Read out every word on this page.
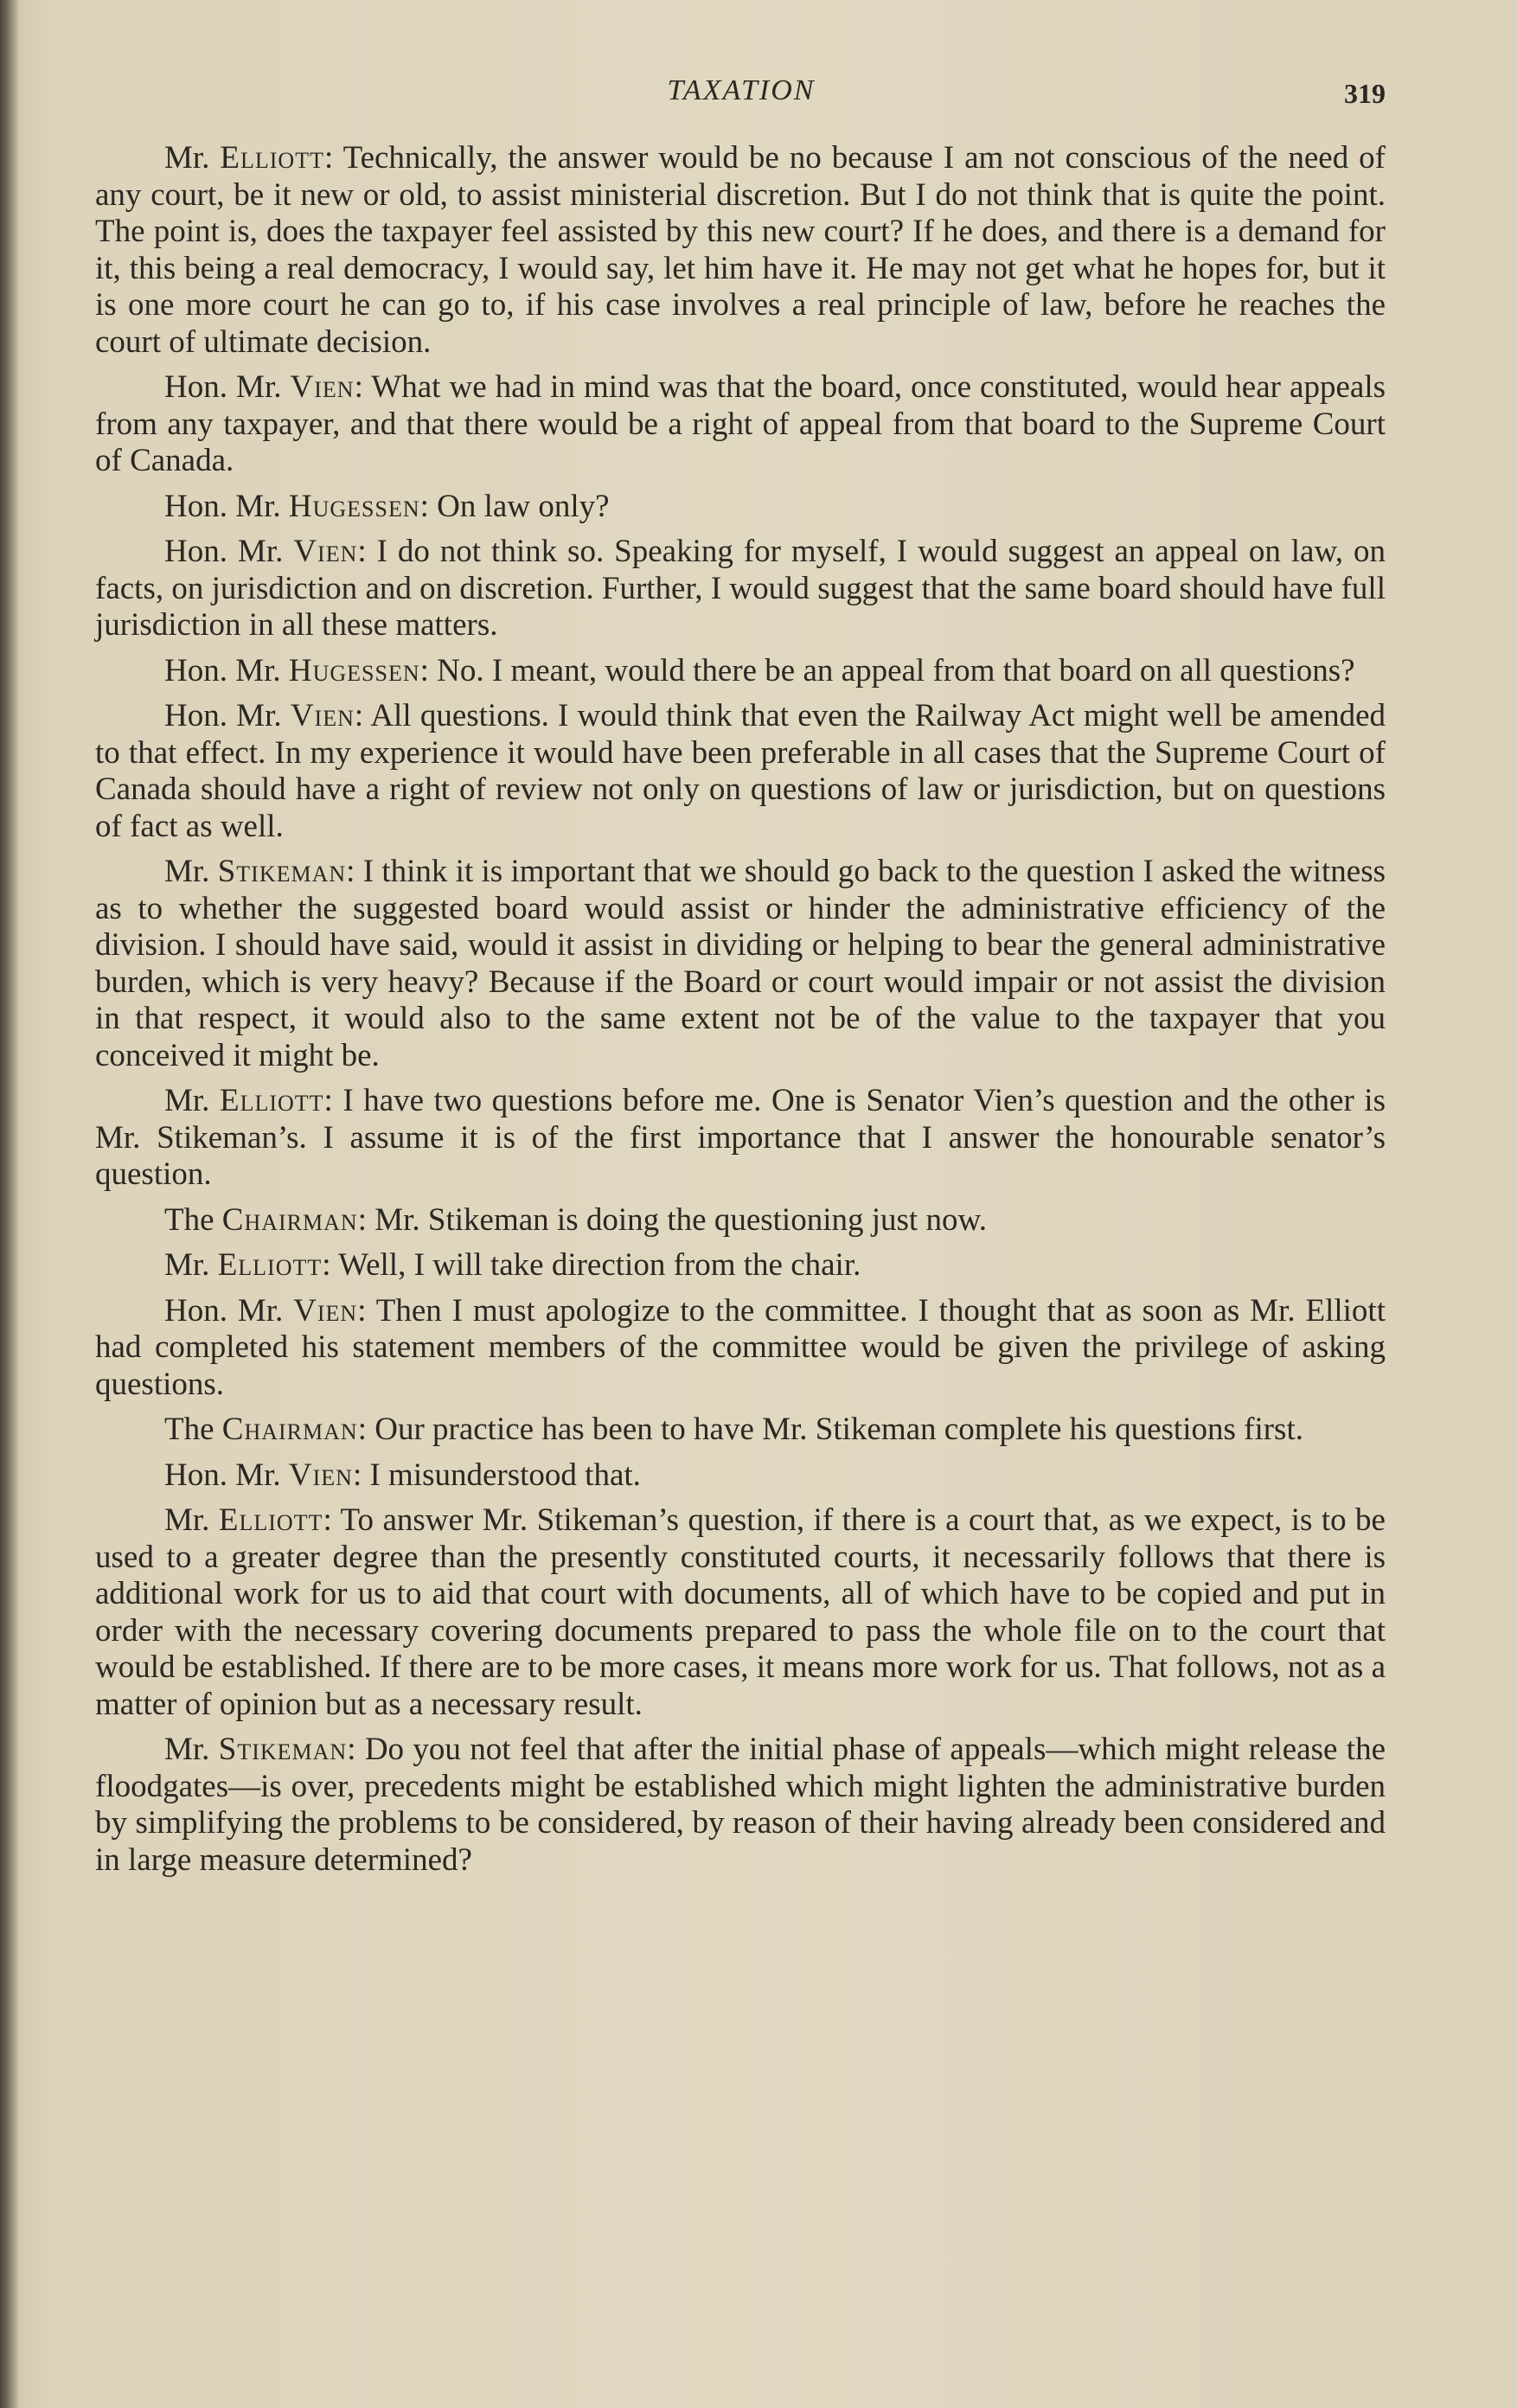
TAXATION	319

Mr. Elliott: Technically, the answer would be no because I am not conscious of the need of any court, be it new or old, to assist ministerial discretion. But I do not think that is quite the point. The point is, does the taxpayer feel assisted by this new court? If he does, and there is a demand for it, this being a real democracy, I would say, let him have it. He may not get what he hopes for, but it is one more court he can go to, if his case involves a real principle of law, before he reaches the court of ultimate decision.

Hon. Mr. Vien: What we had in mind was that the board, once constituted, would hear appeals from any taxpayer, and that there would be a right of appeal from that board to the Supreme Court of Canada.

Hon. Mr. Hugessen: On law only?

Hon. Mr. Vien: I do not think so. Speaking for myself, I would suggest an appeal on law, on facts, on jurisdiction and on discretion. Further, I would suggest that the same board should have full jurisdiction in all these matters.

Hon. Mr. Hugessen: No. I meant, would there be an appeal from that board on all questions?

Hon. Mr. Vien: All questions. I would think that even the Railway Act might well be amended to that effect. In my experience it would have been preferable in all cases that the Supreme Court of Canada should have a right of review not only on questions of law or jurisdiction, but on questions of fact as well.

Mr. Stikeman: I think it is important that we should go back to the question I asked the witness as to whether the suggested board would assist or hinder the administrative efficiency of the division. I should have said, would it assist in dividing or helping to bear the general administrative burden, which is very heavy? Because if the Board or court would impair or not assist the division in that respect, it would also to the same extent not be of the value to the taxpayer that you conceived it might be.

Mr. Elliott: I have two questions before me. One is Senator Vien’s question and the other is Mr. Stikeman’s. I assume it is of the first importance that I answer the honourable senator’s question.

The Chairman: Mr. Stikeman is doing the questioning just now.

Mr. Elliott: Well, I will take direction from the chair.

Hon. Mr. Vien: Then I must apologize to the committee. I thought that as soon as Mr. Elliott had completed his statement members of the committee would be given the privilege of asking questions.

The Chairman: Our practice has been to have Mr. Stikeman complete his questions first.

Hon. Mr. Vien: I misunderstood that.

Mr. Elliott: To answer Mr. Stikeman’s question, if there is a court that, as we expect, is to be used to a greater degree than the presently constituted courts, it necessarily follows that there is additional work for us to aid that court with documents, all of which have to be copied and put in order with the necessary covering documents prepared to pass the whole file on to the court that would be established. If there are to be more cases, it means more work for us. That follows, not as a matter of opinion but as a necessary result.

Mr. Stikeman: Do you not feel that after the initial phase of appeals—which might release the floodgates—is over, precedents might be established which might lighten the administrative burden by simplifying the problems to be considered, by reason of their having already been considered and in large measure determined?
